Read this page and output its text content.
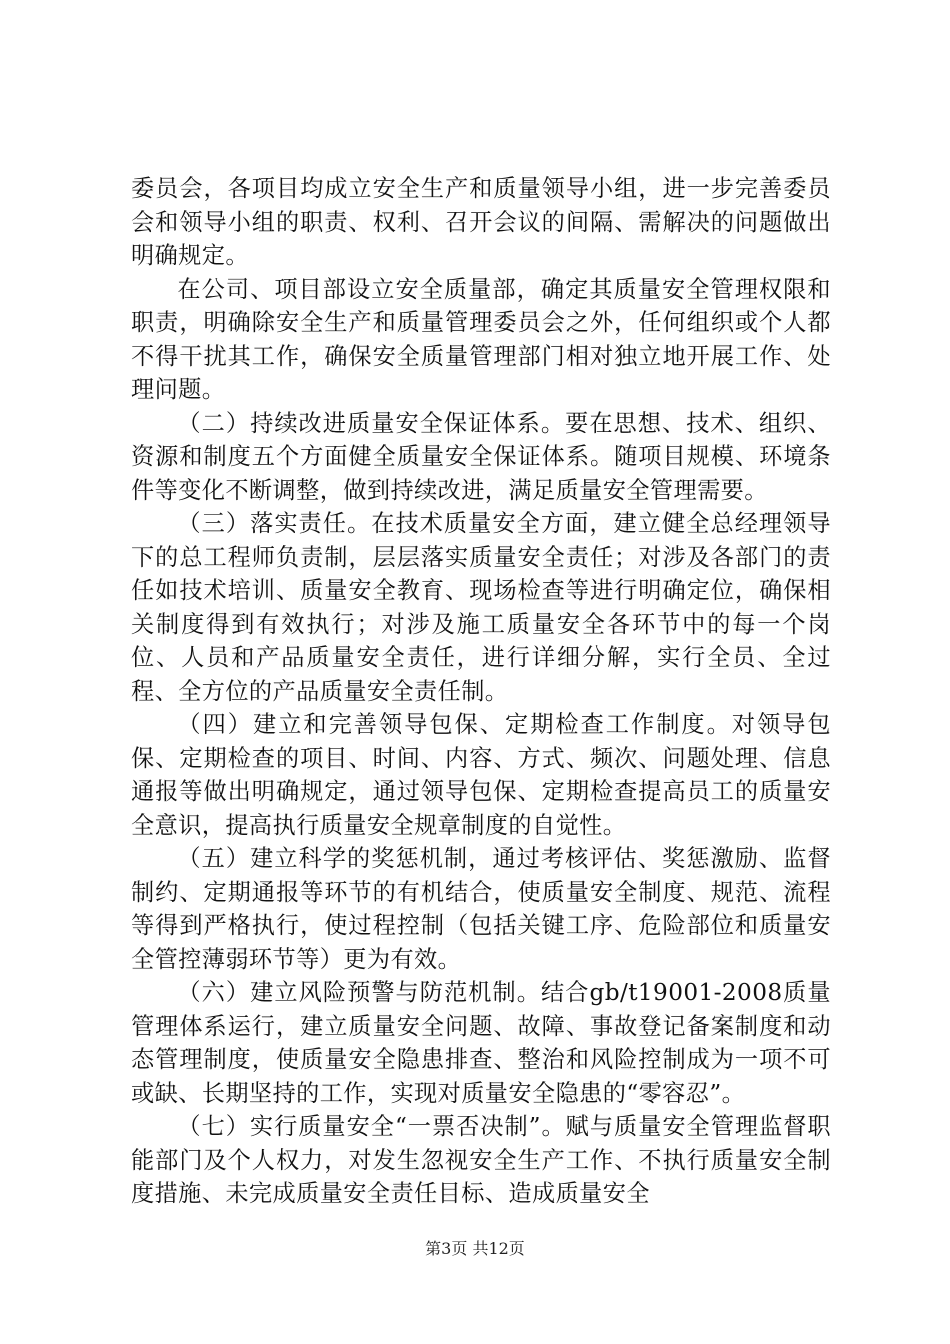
委员会，各项目均成立安全生产和质量领导小组，进一步完善委员会和领导小组的职责、权利、召开会议的间隔、需解决的问题做出明确规定。

在公司、项目部设立安全质量部，确定其质量安全管理权限和职责，明确除安全生产和质量管理委员会之外，任何组织或个人都不得干扰其工作，确保安全质量管理部门相对独立地开展工作、处理问题。

（二）持续改进质量安全保证体系。要在思想、技术、组织、资源和制度五个方面健全质量安全保证体系。随项目规模、环境条件等变化不断调整，做到持续改进，满足质量安全管理需要。

（三）落实责任。在技术质量安全方面，建立健全总经理领导下的总工程师负责制，层层落实质量安全责任；对涉及各部门的责任如技术培训、质量安全教育、现场检查等进行明确定位，确保相关制度得到有效执行；对涉及施工质量安全各环节中的每一个岗位、人员和产品质量安全责任，进行详细分解，实行全员、全过程、全方位的产品质量安全责任制。

（四）建立和完善领导包保、定期检查工作制度。对领导包保、定期检查的项目、时间、内容、方式、频次、问题处理、信息通报等做出明确规定，通过领导包保、定期检查提高员工的质量安全意识，提高执行质量安全规章制度的自觉性。

（五）建立科学的奖惩机制，通过考核评估、奖惩激励、监督制约、定期通报等环节的有机结合，使质量安全制度、规范、流程等得到严格执行，使过程控制（包括关键工序、危险部位和质量安全管控薄弱环节等）更为有效。

（六）建立风险预警与防范机制。结合gb/t19001-2008质量管理体系运行，建立质量安全问题、故障、事故登记备案制度和动态管理制度，使质量安全隐患排查、整治和风险控制成为一项不可或缺、长期坚持的工作，实现对质量安全隐患的“零容忍”。

（七）实行质量安全“一票否决制”。赋与质量安全管理监督职能部门及个人权力，对发生忽视安全生产工作、不执行质量安全制度措施、未完成质量安全责任目标、造成质量安全

第3页 共12页
